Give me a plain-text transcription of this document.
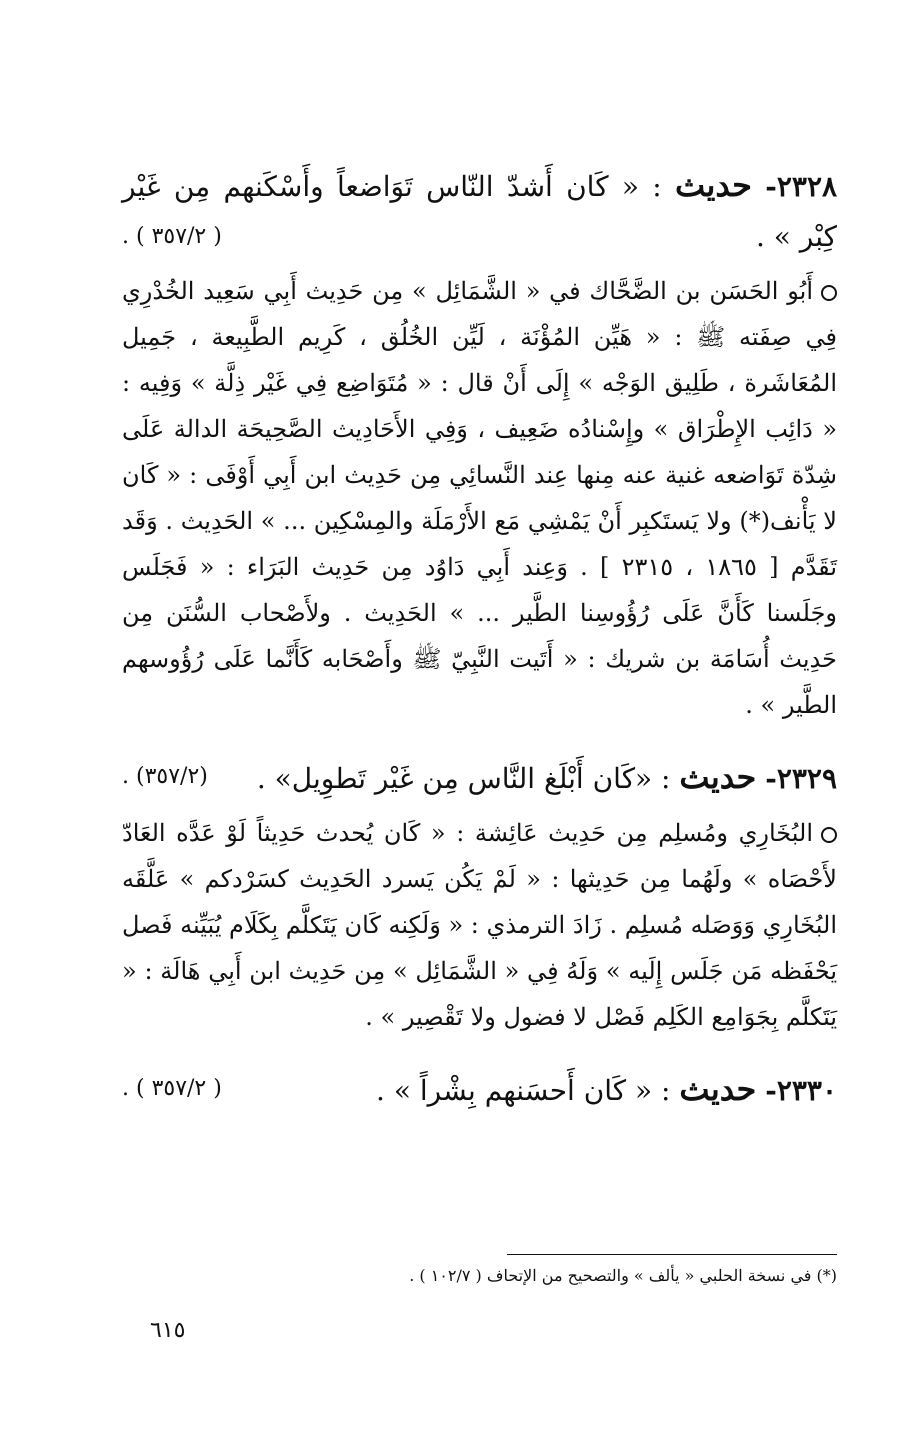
٢٣٢٨- حديث : « كَان أَشدّ النّاس تَوَاضعاً وأَسْكَنهم مِن غَيْر كِبْر » .
( ٣٥٧/٢ ) .
أَبُو الحَسَن بن الضَّحَّاك في « الشَّمَائِل » مِن حَدِيث أَبِي سَعِيد الخُدْرِي فِي صِفَته ﷺ : « هَيِّن المُؤْنَة ، لَيِّن الخُلُق ، كَرِيم الطَّبِيعة ، جَمِيل المُعَاشَرة ، طَلِيق الوَجْه » إِلَى أَنْ قال : « مُتَوَاضِع فِي غَيْر ذِلَّة » وَفِيه : « دَائِب الإِطْرَاق » وإِسْنادُه ضَعِيف ، وَفِي الأَحَادِيث الصَّحِيحَة الدالة عَلَى شِدّة تَوَاضعه غنية عنه مِنها عِند النَّسائِي مِن حَدِيث ابن أَبِي أَوْفَى : « كَان لا يَأْنف(*) ولا يَستَكبِر أَنْ يَمْشِي مَع الأَرْمَلَة والمِسْكِين ... » الحَدِيث . وَقَد تَقَدَّم [ ١٨٦٥ ، ٢٣١٥ ] . وَعِند أَبِي دَاوُد مِن حَدِيث البَرَاء : « فَجَلَس وجَلَسنا كَأَنَّ عَلَى رُؤُوسِنا الطَّير ... » الحَدِيث . ولأَصْحاب السُّنَن مِن حَدِيث أُسَامَة بن شريك : « أَتَيت النَّبِيّ ﷺ وأَصْحَابه كَأَنَّما عَلَى رُؤُوسهم الطَّير » .
٢٣٢٩- حديث : «كَان أَبْلَغ النَّاس مِن غَيْر تَطوِيل» .
(٣٥٧/٢) .
البُخَارِي ومُسلِم مِن حَدِيث عَائِشة : « كَان يُحدث حَدِيثاً لَوْ عَدَّه العَادّ لأَحْصَاه » ولَهُما مِن حَدِيثها : « لَمْ يَكُن يَسرد الحَدِيث كسَرْدكم » عَلَّقَه البُخَارِي وَوَصَله مُسلِم . زَادَ الترمذي : « وَلَكِنه كَان يَتَكلَّم بِكَلَام يُبَيِّنه فَصل يَحْفَظه مَن جَلَس إِلَيه » وَلَهُ فِي « الشَّمَائِل » مِن حَدِيث ابن أَبِي هَالَة : « يَتَكلَّم بِجَوَامِع الكَلِم فَصْل لا فضول ولا تَقْصِير » .
٢٣٣٠- حديث : « كَان أَحسَنهم بِشْراً » .
( ٣٥٧/٢ ) .
(*) في نسخة الحلبي « يألف » والتصحيح من الإتحاف ( ١٠٢/٧ ) .
٦١٥
